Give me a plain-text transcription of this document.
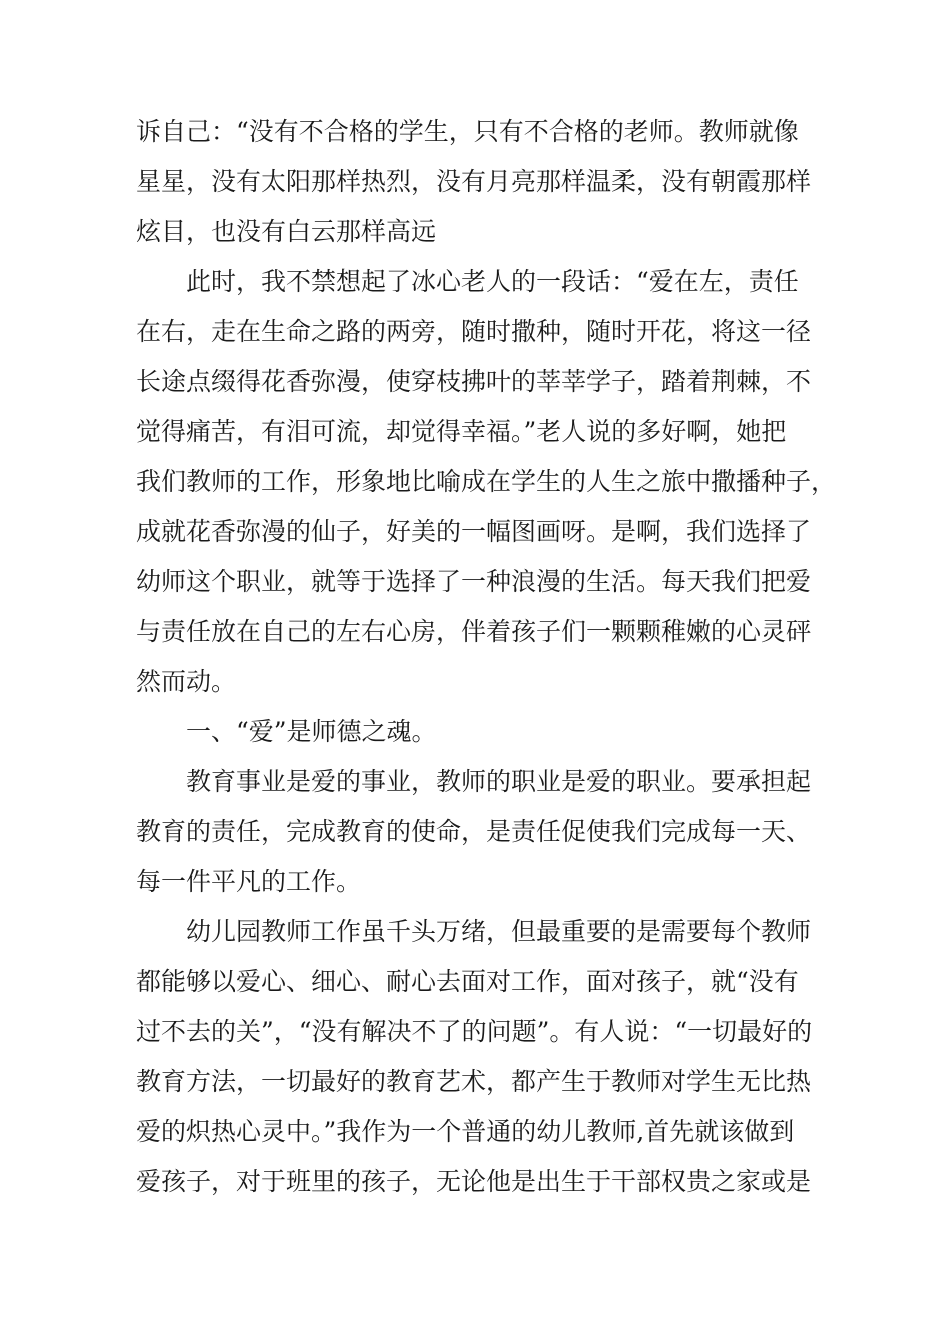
诉自己：“没有不合格的学生，只有不合格的老师。教师就像
星星，没有太阳那样热烈，没有月亮那样温柔，没有朝霞那样
炫目，也没有白云那样高远
此时，我不禁想起了冰心老人的一段话：“爱在左，责任
在右，走在生命之路的两旁，随时撒种，随时开花，将这一径
长途点缀得花香弥漫，使穿枝拂叶的莘莘学子，踏着荆棘，不
觉得痛苦，有泪可流，却觉得幸福。”老人说的多好啊，她把
我们教师的工作，形象地比喻成在学生的人生之旅中撒播种子，
成就花香弥漫的仙子，好美的一幅图画呀。是啊，我们选择了
幼师这个职业，就等于选择了一种浪漫的生活。每天我们把爱
与责任放在自己的左右心房，伴着孩子们一颗颗稚嫩的心灵砰
然而动。
一、“爱”是师德之魂。
教育事业是爱的事业，教师的职业是爱的职业。要承担起
教育的责任，完成教育的使命，是责任促使我们完成每一天、
每一件平凡的工作。
幼儿园教师工作虽千头万绪，但最重要的是需要每个教师
都能够以爱心、细心、耐心去面对工作，面对孩子，就“没有
过不去的关”，“没有解决不了的问题”。有人说：“一切最好的
教育方法，一切最好的教育艺术，都产生于教师对学生无比热
爱的炽热心灵中。”我作为一个普通的幼儿教师,首先就该做到
爱孩子，对于班里的孩子，无论他是出生于干部权贵之家或是
